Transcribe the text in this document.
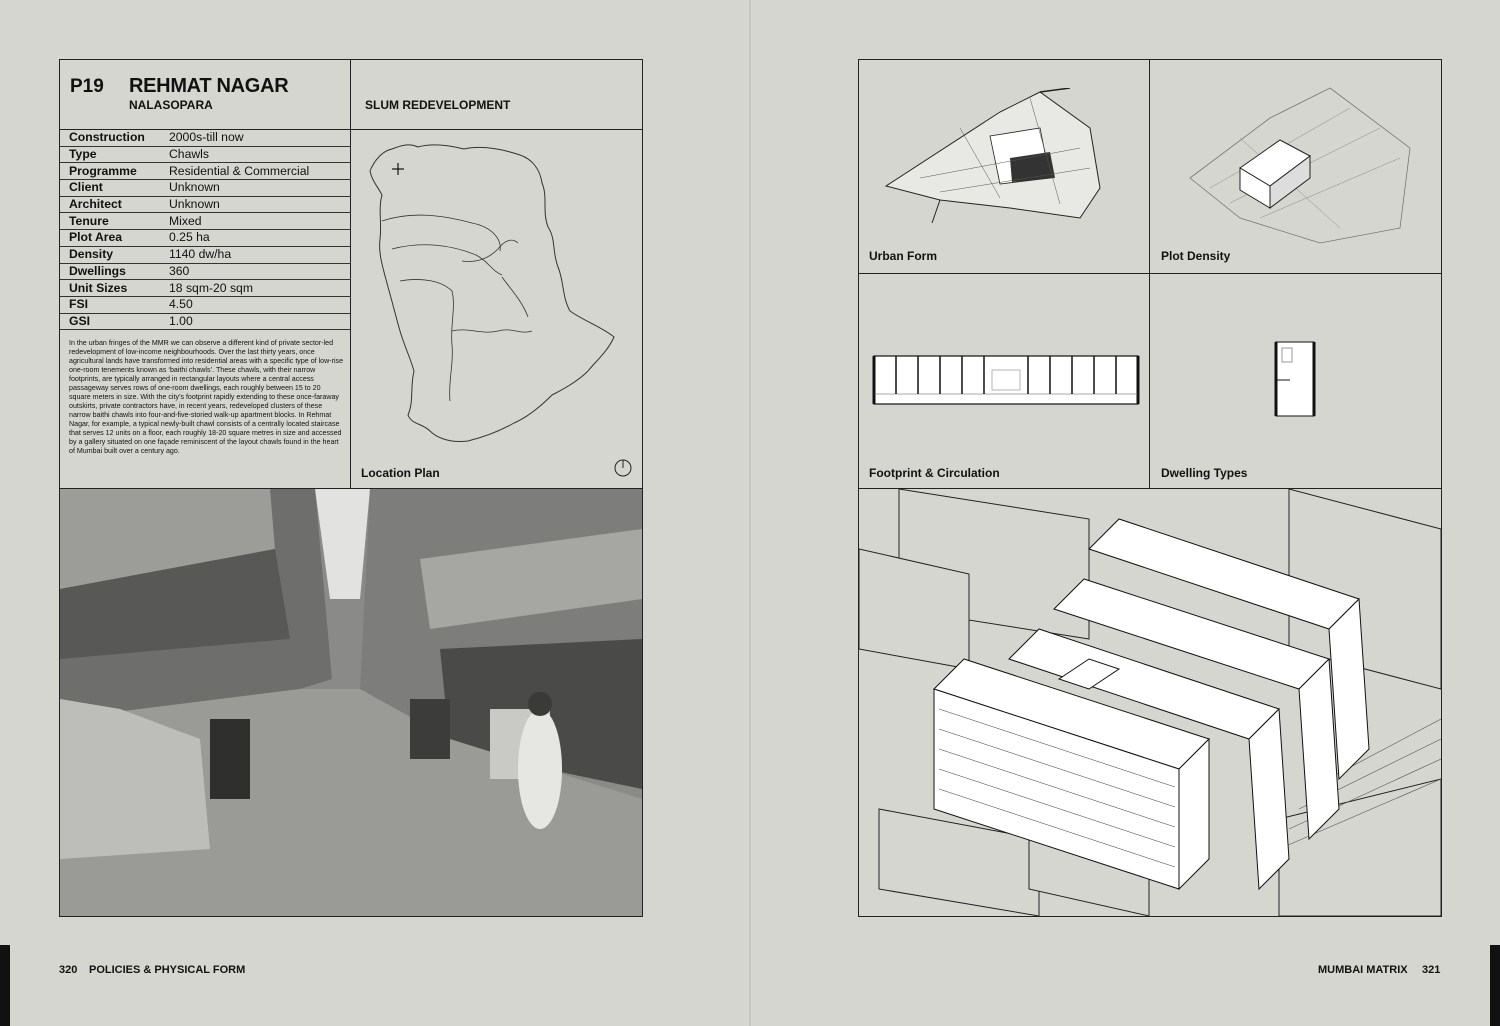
P19 REHMAT NAGAR
NALASOPARA	SLUM REDEVELOPMENT
Construction	2000s-till now
Type	Chawls
Programme	Residential & Commercial
Client	Unknown
Architect	Unknown
Tenure	Mixed
Plot Area	0.25 ha
Density	1140 dw/ha
Dwellings	360
Unit Sizes	18 sqm-20 sqm
FSI	4.50
GSI	1.00
In the urban fringes of the MMR we can observe a different kind of private sector-led redevelopment of low-income neighbourhoods. Over the last thirty years, once agricultural lands have transformed into residential areas with a specific type of low-rise one-room tenements known as ‘baithi chawls’. These chawls, with their narrow footprints, are typically arranged in rectangular layouts where a central access passageway serves rows of one-room dwellings, each roughly between 15 to 20 square meters in size. With the city’s footprint rapidly extending to these once-faraway outskirts, private contractors have, in recent years, redeveloped clusters of these narrow baithi chawls into four-and-five-storied walk-up apartment blocks. In Rehmat Nagar, for example, a typical newly-built chawl consists of a centrally located staircase that serves 12 units on a floor, each roughly 18-20 square metres in size and accessed by a gallery situated on one façade reminiscent of the layout chawls found in the heart of Mumbai built over a century ago.
Location Plan
Urban Form	Plot Density
Footprint & Circulation	Dwelling Types
320 POLICIES & PHYSICAL FORM	MUMBAI MATRIX 321
